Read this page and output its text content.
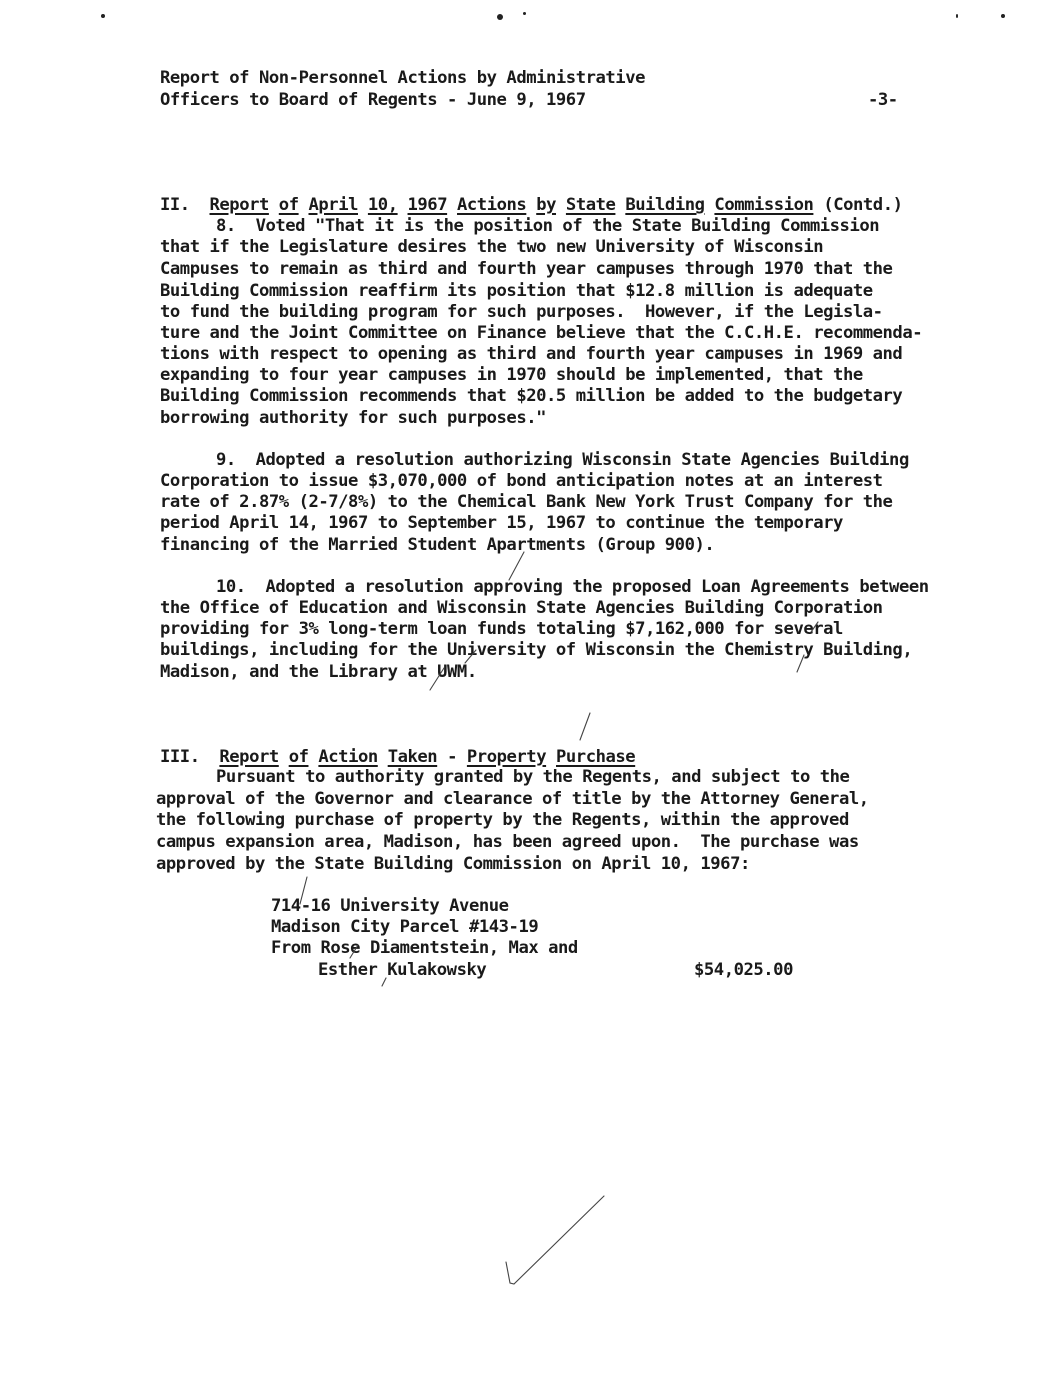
Report of Non-Personnel Actions by Administrative
Officers to Board of Regents - June 9, 1967	-3-

II. Report of April 10, 1967 Actions by State Building Commission (Contd.)
8.  Voted "That it is the position of the State Building Commission
that if the Legislature desires the two new University of Wisconsin
Campuses to remain as third and fourth year campuses through 1970 that the
Building Commission reaffirm its position that $12.8 million is adequate
to fund the building program for such purposes.  However, if the Legisla-
ture and the Joint Committee on Finance believe that the C.C.H.E. recommenda-
tions with respect to opening as third and fourth year campuses in 1969 and
expanding to four year campuses in 1970 should be implemented, that the
Building Commission recommends that $20.5 million be added to the budgetary
borrowing authority for such purposes."
9.  Adopted a resolution authorizing Wisconsin State Agencies Building
Corporation to issue $3,070,000 of bond anticipation notes at an interest
rate of 2.87% (2-7/8%) to the Chemical Bank New York Trust Company for the
period April 14, 1967 to September 15, 1967 to continue the temporary
financing of the Married Student Apartments (Group 900).
10.  Adopted a resolution approving the proposed Loan Agreements between
the Office of Education and Wisconsin State Agencies Building Corporation
providing for 3% long-term loan funds totaling $7,162,000 for several
buildings, including for the University of Wisconsin the Chemistry Building,
Madison, and the Library at UWM.

III. Report of Action Taken - Property Purchase
Pursuant to authority granted by the Regents, and subject to the
approval of the Governor and clearance of title by the Attorney General,
the following purchase of property by the Regents, within the approved
campus expansion area, Madison, has been agreed upon.  The purchase was
approved by the State Building Commission on April 10, 1967:
714-16 University Avenue
Madison City Parcel #143-19
From Rose Diamentstein, Max and
Esther Kulakowsky	$54,025.00
